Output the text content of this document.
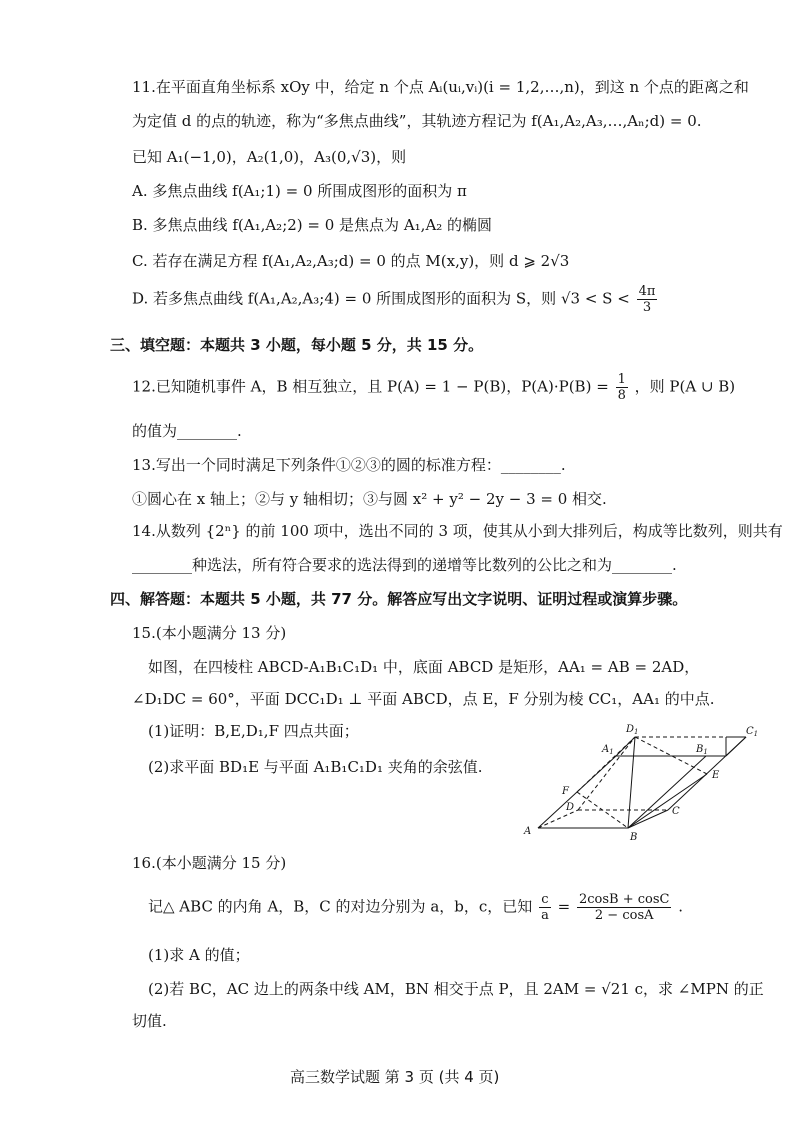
11.在平面直角坐标系 xOy 中，给定 n 个点 Aᵢ(uᵢ,vᵢ)(i = 1,2,…,n)，到这 n 个点的距离之和
为定值 d 的点的轨迹，称为“多焦点曲线”，其轨迹方程记为 f(A₁,A₂,A₃,…,Aₙ;d) = 0.
已知 A₁(−1,0)，A₂(1,0)，A₃(0,√3)，则
A. 多焦点曲线 f(A₁;1) = 0 所围成图形的面积为 π
B. 多焦点曲线 f(A₁,A₂;2) = 0 是焦点为 A₁,A₂ 的椭圆
C. 若存在满足方程 f(A₁,A₂,A₃;d) = 0 的点 M(x,y)，则 d ⩾ 2√3
D. 若多焦点曲线 f(A₁,A₂,A₃;4) = 0 所围成图形的面积为 S，则 $√3 < S < \frac{4\pi}{3}$
三、填空题：本题共 3 小题，每小题 5 分，共 15 分。
12.已知随机事件 A，B 相互独立，且 P(A) = 1 − P(B)，$P(A)\cdot P(B) = \frac{1}{8}$ ，则 P(A ∪ B)
的值为________.
13.写出一个同时满足下列条件①②③的圆的标准方程：________.
①圆心在 x 轴上；②与 y 轴相切；③与圆 x² + y² − 2y − 3 = 0 相交.
14.从数列 {2ⁿ} 的前 100 项中，选出不同的 3 项，使其从小到大排列后，构成等比数列，则共有
________种选法，所有符合要求的选法得到的递增等比数列的公比之和为________.
四、解答题：本题共 5 小题，共 77 分。解答应写出文字说明、证明过程或演算步骤。
15.(本小题满分 13 分)
如图，在四棱柱 ABCD-A₁B₁C₁D₁ 中，底面 ABCD 是矩形，AA₁ = AB = 2AD，
∠D₁DC = 60°，平面 DCC₁D₁ ⊥ 平面 ABCD，点 E，F 分别为棱 CC₁，AA₁ 的中点.
(1)证明：B,E,D₁,F 四点共面；
(2)求平面 BD₁E 与平面 A₁B₁C₁D₁ 夹角的余弦值.
A
B
C
D
E
F
$A_1$	$B_1$
$C_1$
$D_1$
16.(本小题满分 15 分)
记△ ABC 的内角 A，B，C 的对边分别为 a，b，c，已知 $\frac{c}{a} = \frac{2\cos B + \cos C}{2 - \cos A}$ .
(1)求 A 的值；
(2)若 BC，AC 边上的两条中线 AM，BN 相交于点 P，且 2AM = √21 c，求 ∠MPN 的正
切值.
高三数学试题 第 3 页 (共 4 页)
